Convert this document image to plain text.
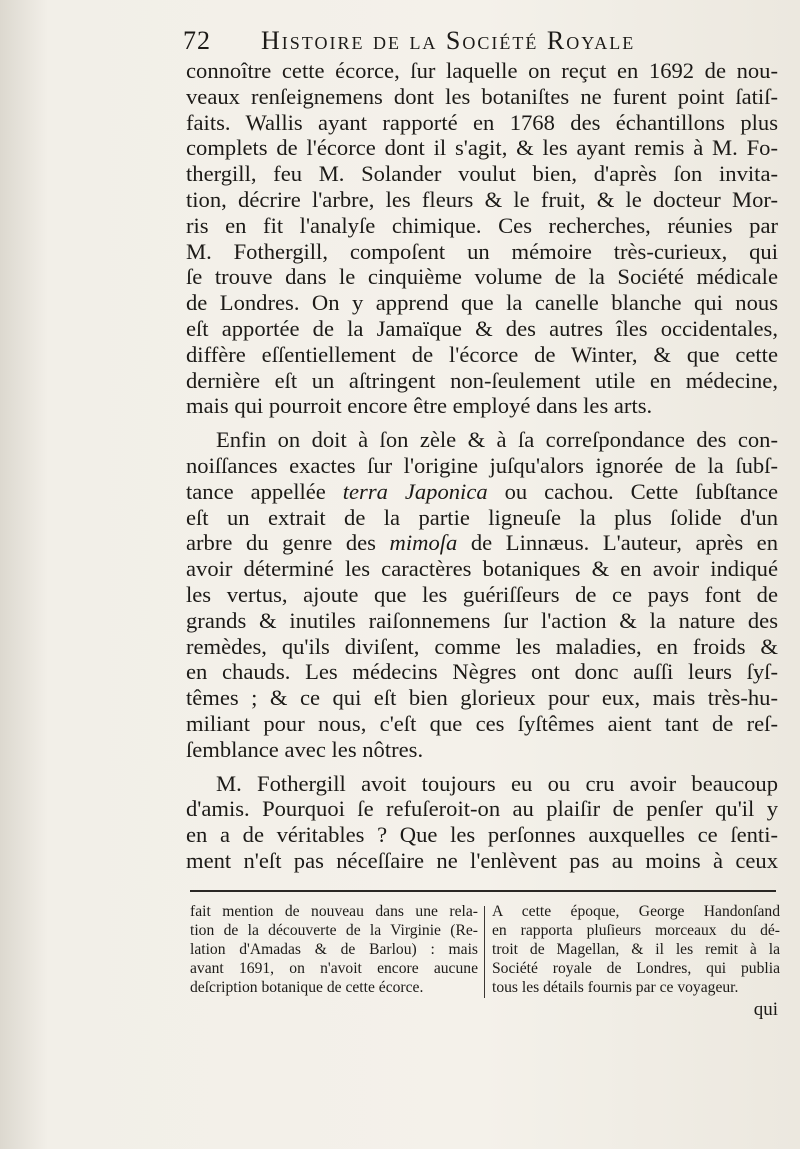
72 Histoire de la Société Royale

connoître cette écorce, ſur laquelle on reçut en 1692 de nou-
veaux renſeignemens dont les botaniſtes ne furent point ſatiſ-
faits. Wallis ayant rapporté en 1768 des échantillons plus
complets de l'écorce dont il s'agit, & les ayant remis à M. Fo-
thergill, feu M. Solander voulut bien, d'après ſon invita-
tion, décrire l'arbre, les fleurs & le fruit, & le docteur Mor-
ris en fit l'analyſe chimique. Ces recherches, réunies par
M. Fothergill, compoſent un mémoire très-curieux, qui
ſe trouve dans le cinquième volume de la Société médicale
de Londres. On y apprend que la canelle blanche qui nous
eſt apportée de la Jamaïque & des autres îles occidentales,
diffère eſſentiellement de l'écorce de Winter, & que cette
dernière eſt un aſtringent non-ſeulement utile en médecine,
mais qui pourroit encore être employé dans les arts.

Enfin on doit à ſon zèle & à ſa correſpondance des con-
noiſſances exactes ſur l'origine juſqu'alors ignorée de la ſubſ-
tance appellée terra Japonica ou cachou. Cette ſubſtance
eſt un extrait de la partie ligneuſe la plus ſolide d'un
arbre du genre des mimoſa de Linnæus. L'auteur, après en
avoir déterminé les caractères botaniques & en avoir indiqué
les vertus, ajoute que les guériſſeurs de ce pays font de
grands & inutiles raiſonnemens ſur l'action & la nature des
remèdes, qu'ils diviſent, comme les maladies, en froids &
en chauds. Les médecins Nègres ont donc auſſi leurs ſyſ-
têmes ; & ce qui eſt bien glorieux pour eux, mais très-hu-
miliant pour nous, c'eſt que ces ſyſtêmes aient tant de reſ-
ſemblance avec les nôtres.

M. Fothergill avoit toujours eu ou cru avoir beaucoup
d'amis. Pourquoi ſe refuſeroit-on au plaiſir de penſer qu'il y
en a de véritables ? Que les perſonnes auxquelles ce ſenti-
ment n'eſt pas néceſſaire ne l'enlèvent pas au moins à ceux

fait mention de nouveau dans une rela-
tion de la découverte de la Virginie (Re-
lation d'Amadas & de Barlou) : mais
avant 1691, on n'avoit encore aucune
deſcription botanique de cette écorce.
A cette époque, George Handonſand
en rapporta pluſieurs morceaux du dé-
troit de Magellan, & il les remit à la
Société royale de Londres, qui publia
tous les détails fournis par ce voyageur.
qui
